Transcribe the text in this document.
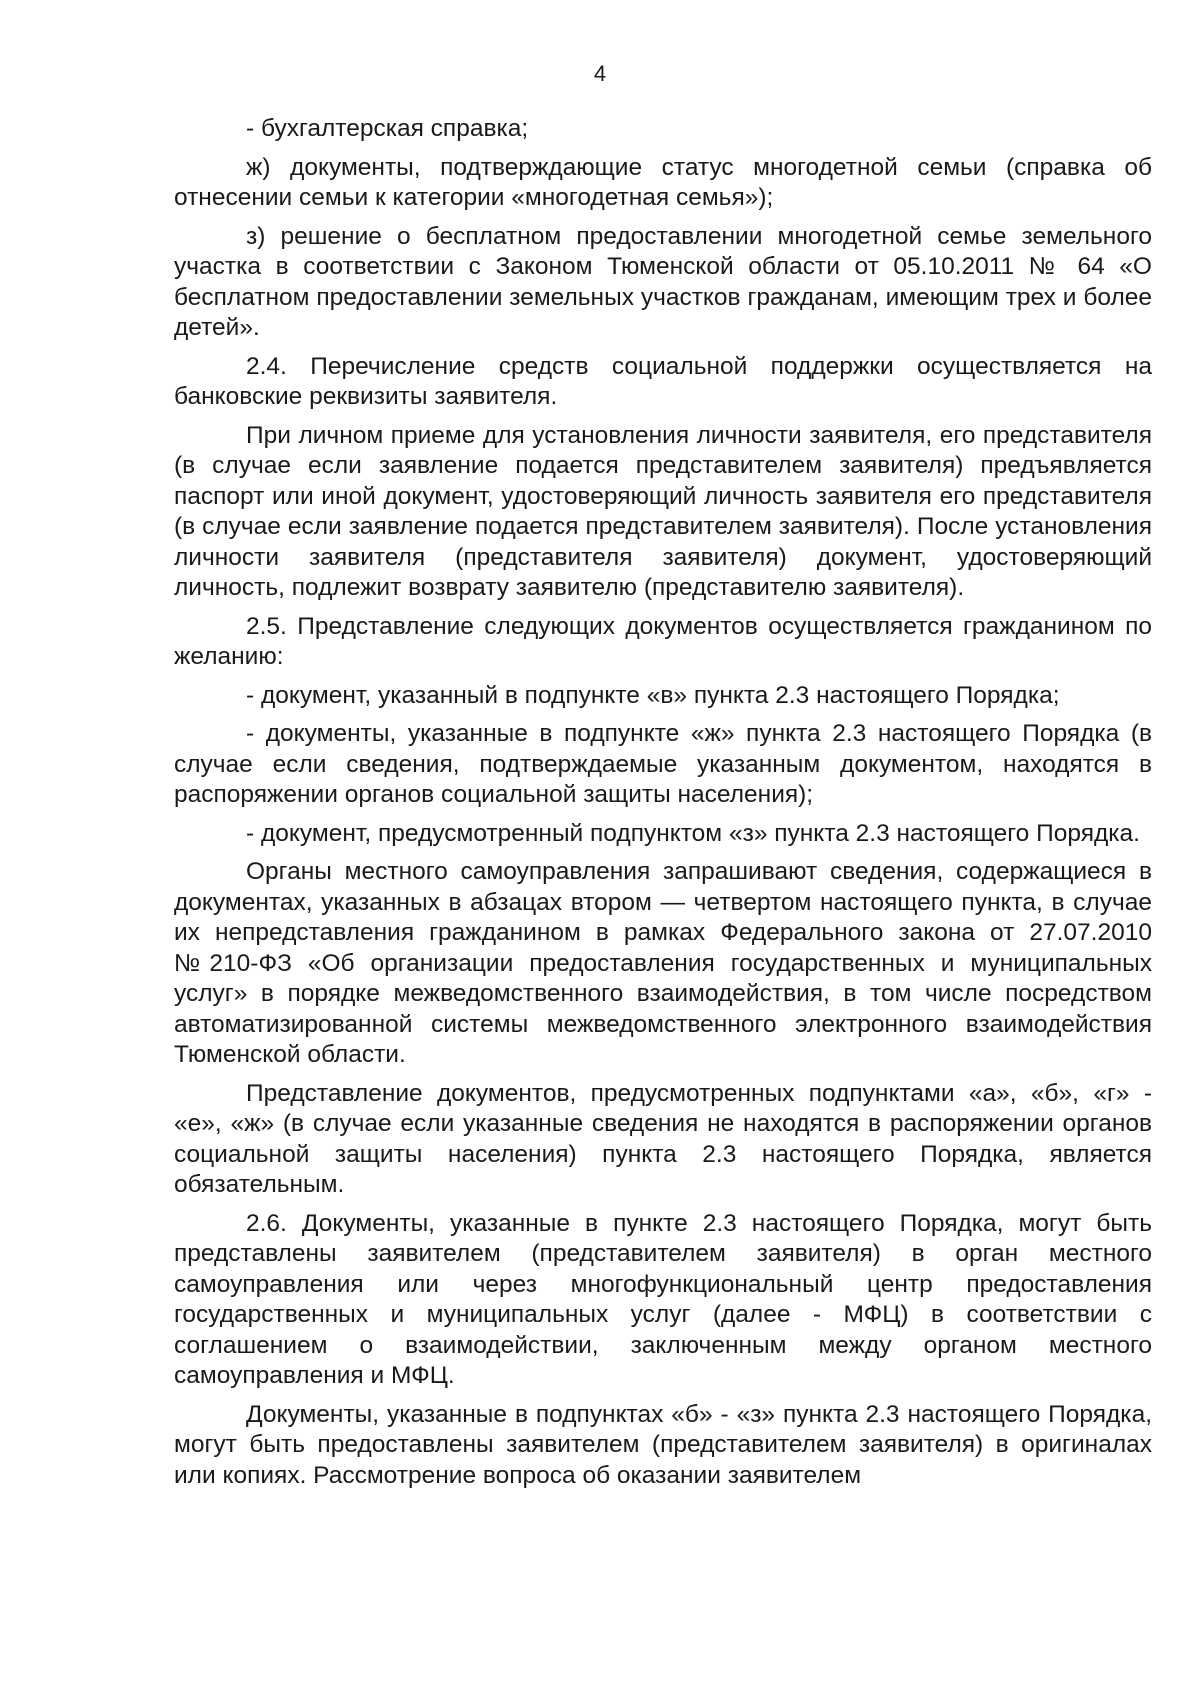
4

- бухгалтерская справка;

ж) документы, подтверждающие статус многодетной семьи (справка об отнесении семьи к категории «многодетная семья»);

з) решение о бесплатном предоставлении многодетной семье земельного участка в соответствии с Законом Тюменской области от 05.10.2011 № 64 «О бесплатном предоставлении земельных участков гражданам, имеющим трех и более детей».

2.4. Перечисление средств социальной поддержки осуществляется на банковские реквизиты заявителя.

При личном приеме для установления личности заявителя, его представителя (в случае если заявление подается представителем заявителя) предъявляется паспорт или иной документ, удостоверяющий личность заявителя его представителя (в случае если заявление подается представителем заявителя). После установления личности заявителя (представителя заявителя) документ, удостоверяющий личность, подлежит возврату заявителю (представителю заявителя).

2.5. Представление следующих документов осуществляется гражданином по желанию:

- документ, указанный в подпункте «в» пункта 2.3 настоящего Порядка;

- документы, указанные в подпункте «ж» пункта 2.3 настоящего Порядка (в случае если сведения, подтверждаемые указанным документом, находятся в распоряжении органов социальной защиты населения);

- документ, предусмотренный подпунктом «з» пункта 2.3 настоящего Порядка.

Органы местного самоуправления запрашивают сведения, содержащиеся в документах, указанных в абзацах втором — четвертом настоящего пункта, в случае их непредставления гражданином в рамках Федерального закона от 27.07.2010 №210-ФЗ «Об организации предоставления государственных и муниципальных услуг» в порядке межведомственного взаимодействия, в том числе посредством автоматизированной системы межведомственного электронного взаимодействия Тюменской области.

Представление документов, предусмотренных подпунктами «а», «б», «г» - «е», «ж» (в случае если указанные сведения не находятся в распоряжении органов социальной защиты населения) пункта 2.3 настоящего Порядка, является обязательным.

2.6. Документы, указанные в пункте 2.3 настоящего Порядка, могут быть представлены заявителем (представителем заявителя) в орган местного самоуправления или через многофункциональный центр предоставления государственных и муниципальных услуг (далее - МФЦ) в соответствии с соглашением о взаимодействии, заключенным между органом местного самоуправления и МФЦ.

Документы, указанные в подпунктах «б» - «з» пункта 2.3 настоящего Порядка, могут быть предоставлены заявителем (представителем заявителя) в оригиналах или копиях. Рассмотрение вопроса об оказании заявителем
